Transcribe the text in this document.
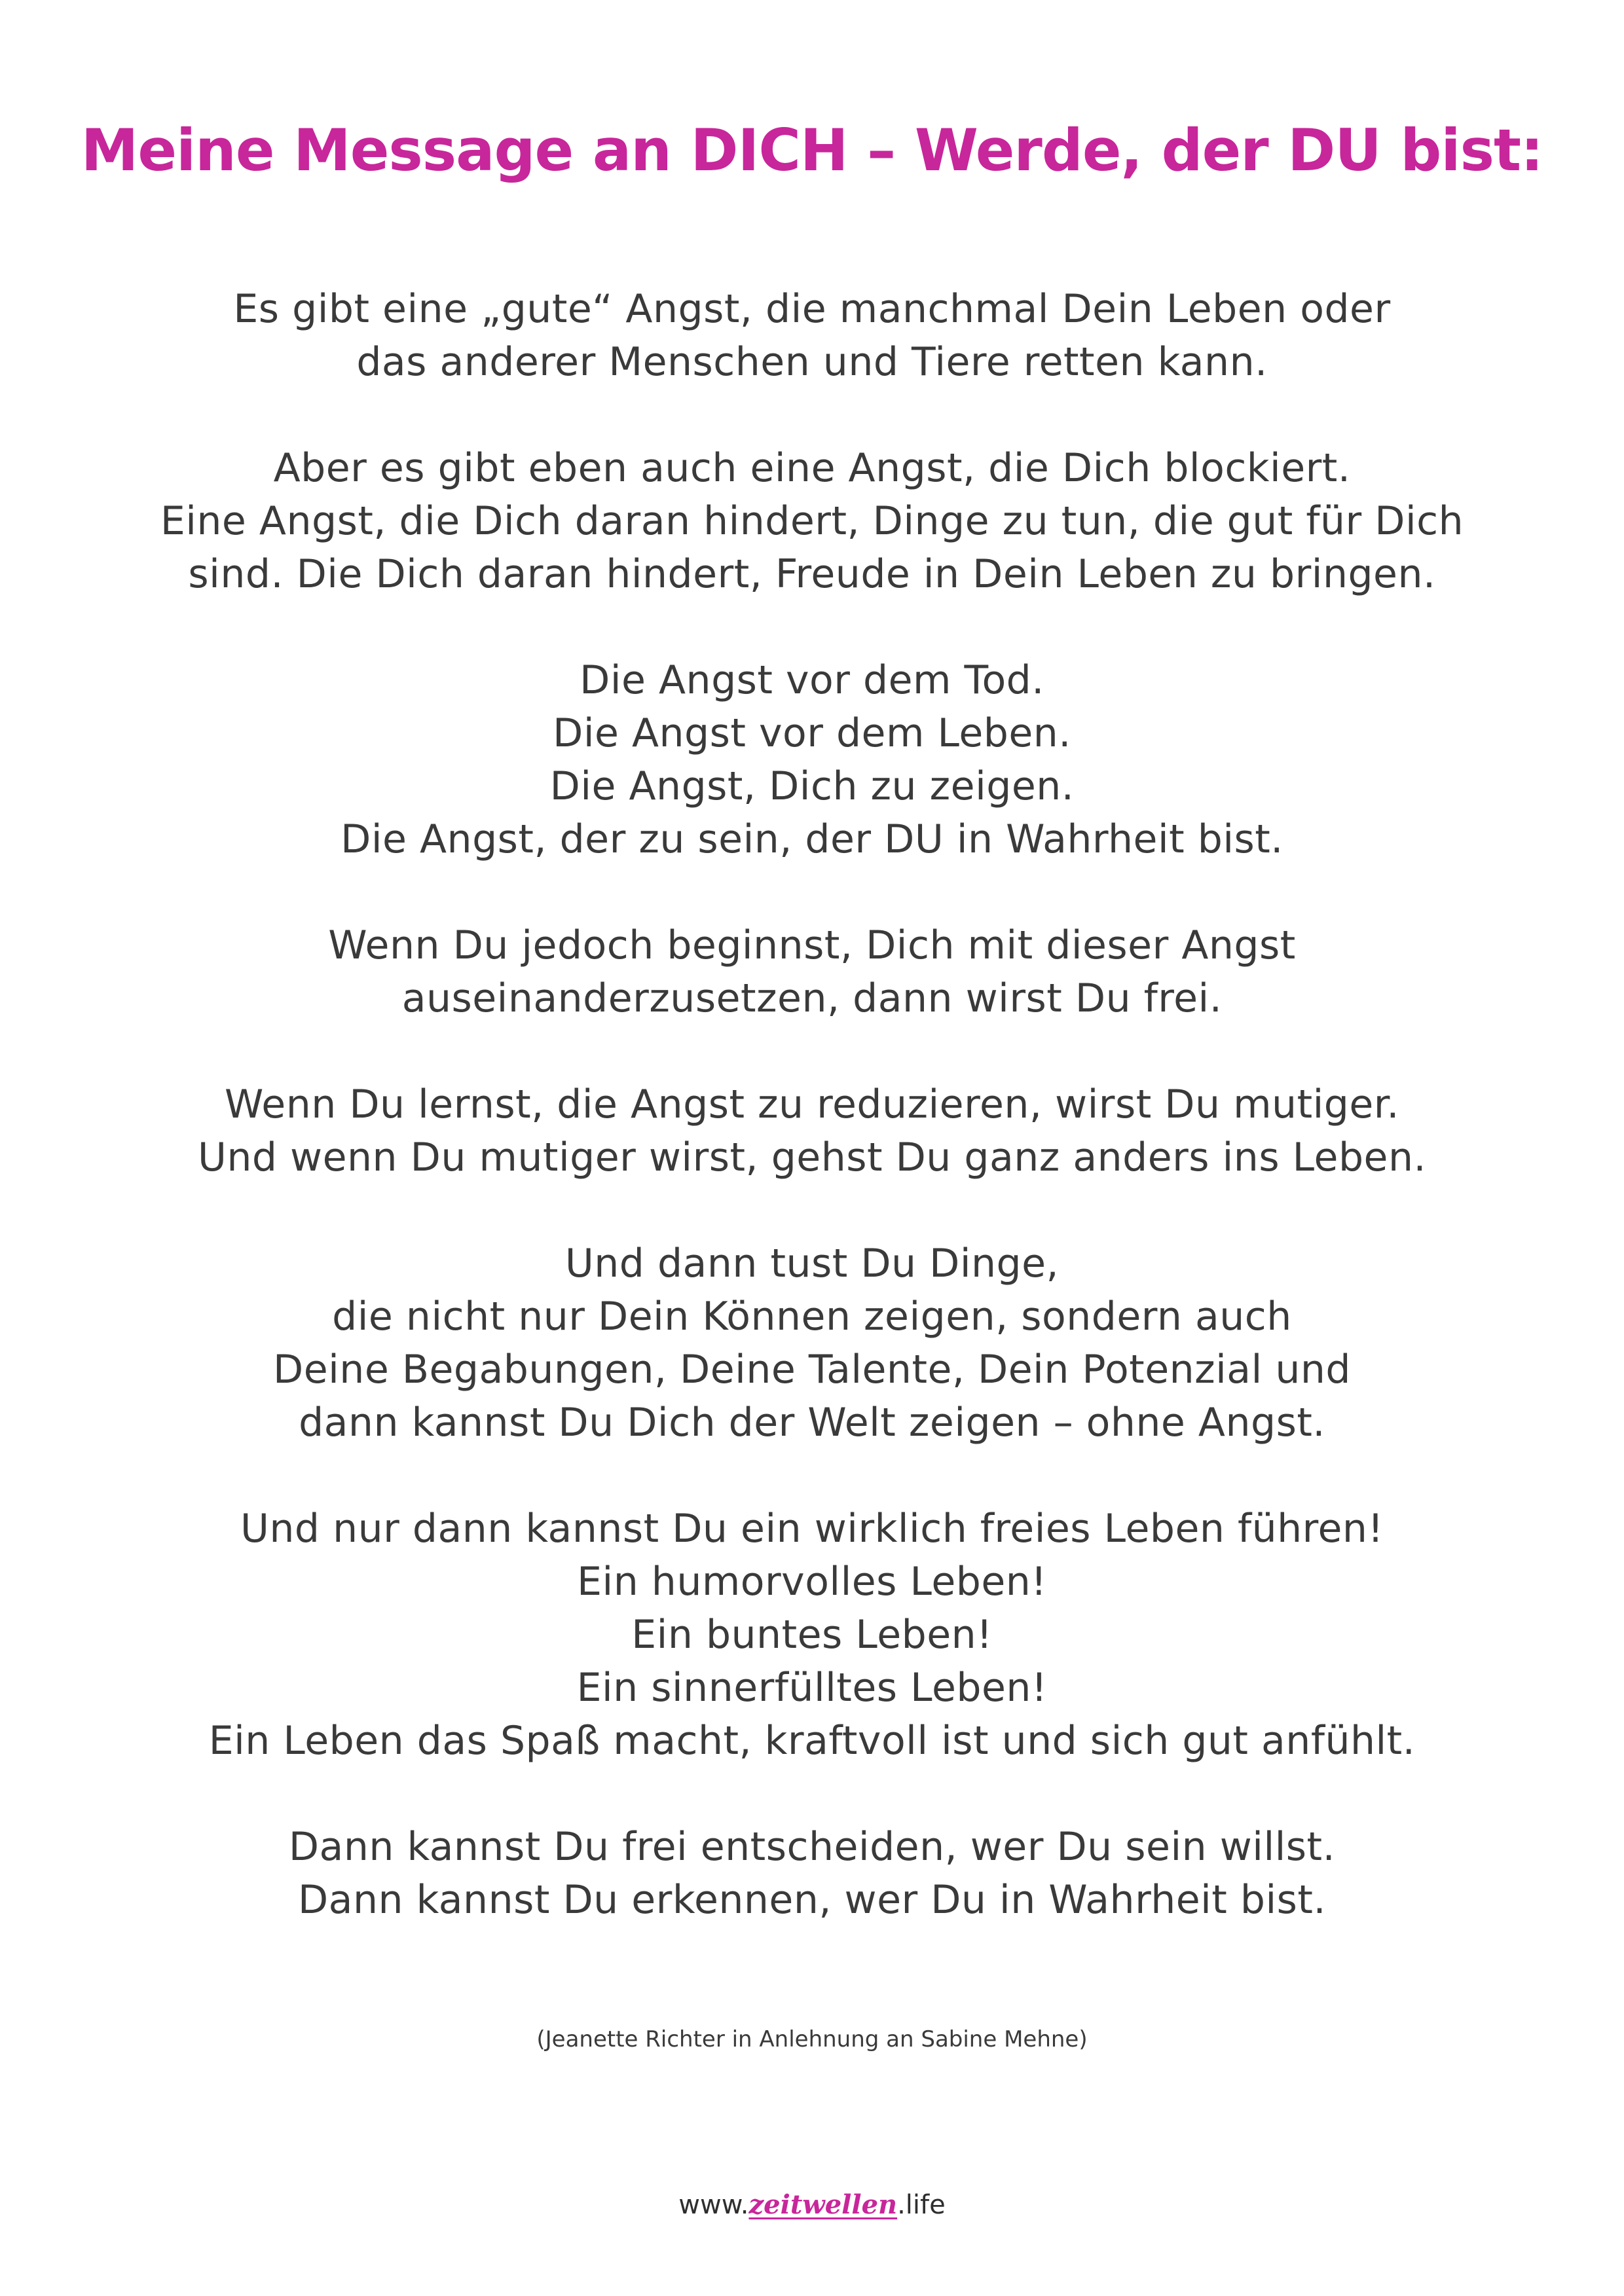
Meine Message an DICH – Werde, der DU bist:
Es gibt eine „gute“ Angst, die manchmal Dein Leben oder
das anderer Menschen und Tiere retten kann.
Aber es gibt eben auch eine Angst, die Dich blockiert.
Eine Angst, die Dich daran hindert, Dinge zu tun, die gut für Dich
sind. Die Dich daran hindert, Freude in Dein Leben zu bringen.
Die Angst vor dem Tod.
Die Angst vor dem Leben.
Die Angst, Dich zu zeigen.
Die Angst, der zu sein, der DU in Wahrheit bist.
Wenn Du jedoch beginnst, Dich mit dieser Angst
auseinanderzusetzen, dann wirst Du frei.
Wenn Du lernst, die Angst zu reduzieren, wirst Du mutiger.
Und wenn Du mutiger wirst, gehst Du ganz anders ins Leben.
Und dann tust Du Dinge,
die nicht nur Dein Können zeigen, sondern auch
Deine Begabungen, Deine Talente, Dein Potenzial und
dann kannst Du Dich der Welt zeigen – ohne Angst.
Und nur dann kannst Du ein wirklich freies Leben führen!
Ein humorvolles Leben!
Ein buntes Leben!
Ein sinnerfülltes Leben!
Ein Leben das Spaß macht, kraftvoll ist und sich gut anfühlt.
Dann kannst Du frei entscheiden, wer Du sein willst.
Dann kannst Du erkennen, wer Du in Wahrheit bist.
(Jeanette Richter in Anlehnung an Sabine Mehne)
www.zeitwellen.life
